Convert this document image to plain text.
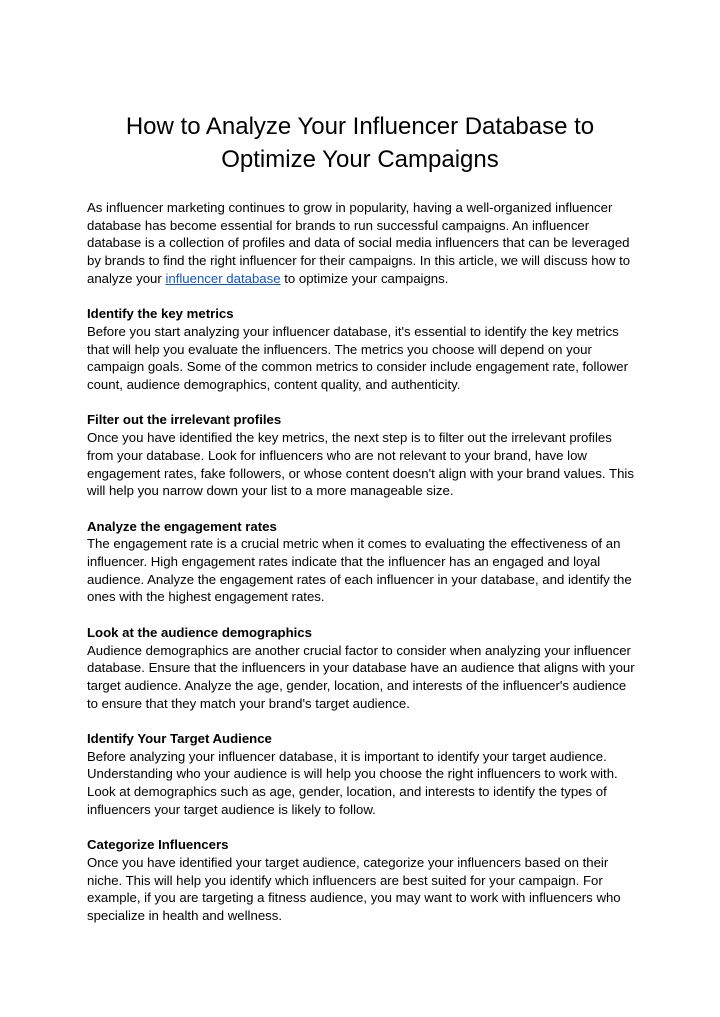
How to Analyze Your Influencer Database to
Optimize Your Campaigns

As influencer marketing continues to grow in popularity, having a well-organized influencer database has become essential for brands to run successful campaigns. An influencer database is a collection of profiles and data of social media influencers that can be leveraged by brands to find the right influencer for their campaigns. In this article, we will discuss how to analyze your influencer database to optimize your campaigns.

Identify the key metrics

Before you start analyzing your influencer database, it's essential to identify the key metrics that will help you evaluate the influencers. The metrics you choose will depend on your campaign goals. Some of the common metrics to consider include engagement rate, follower count, audience demographics, content quality, and authenticity.

Filter out the irrelevant profiles

Once you have identified the key metrics, the next step is to filter out the irrelevant profiles from your database. Look for influencers who are not relevant to your brand, have low engagement rates, fake followers, or whose content doesn't align with your brand values. This will help you narrow down your list to a more manageable size.

Analyze the engagement rates

The engagement rate is a crucial metric when it comes to evaluating the effectiveness of an influencer. High engagement rates indicate that the influencer has an engaged and loyal audience. Analyze the engagement rates of each influencer in your database, and identify the ones with the highest engagement rates.

Look at the audience demographics

Audience demographics are another crucial factor to consider when analyzing your influencer database. Ensure that the influencers in your database have an audience that aligns with your target audience. Analyze the age, gender, location, and interests of the influencer's audience to ensure that they match your brand's target audience.

Identify Your Target Audience

Before analyzing your influencer database, it is important to identify your target audience. Understanding who your audience is will help you choose the right influencers to work with. Look at demographics such as age, gender, location, and interests to identify the types of influencers your target audience is likely to follow.

Categorize Influencers

Once you have identified your target audience, categorize your influencers based on their niche. This will help you identify which influencers are best suited for your campaign. For example, if you are targeting a fitness audience, you may want to work with influencers who specialize in health and wellness.
